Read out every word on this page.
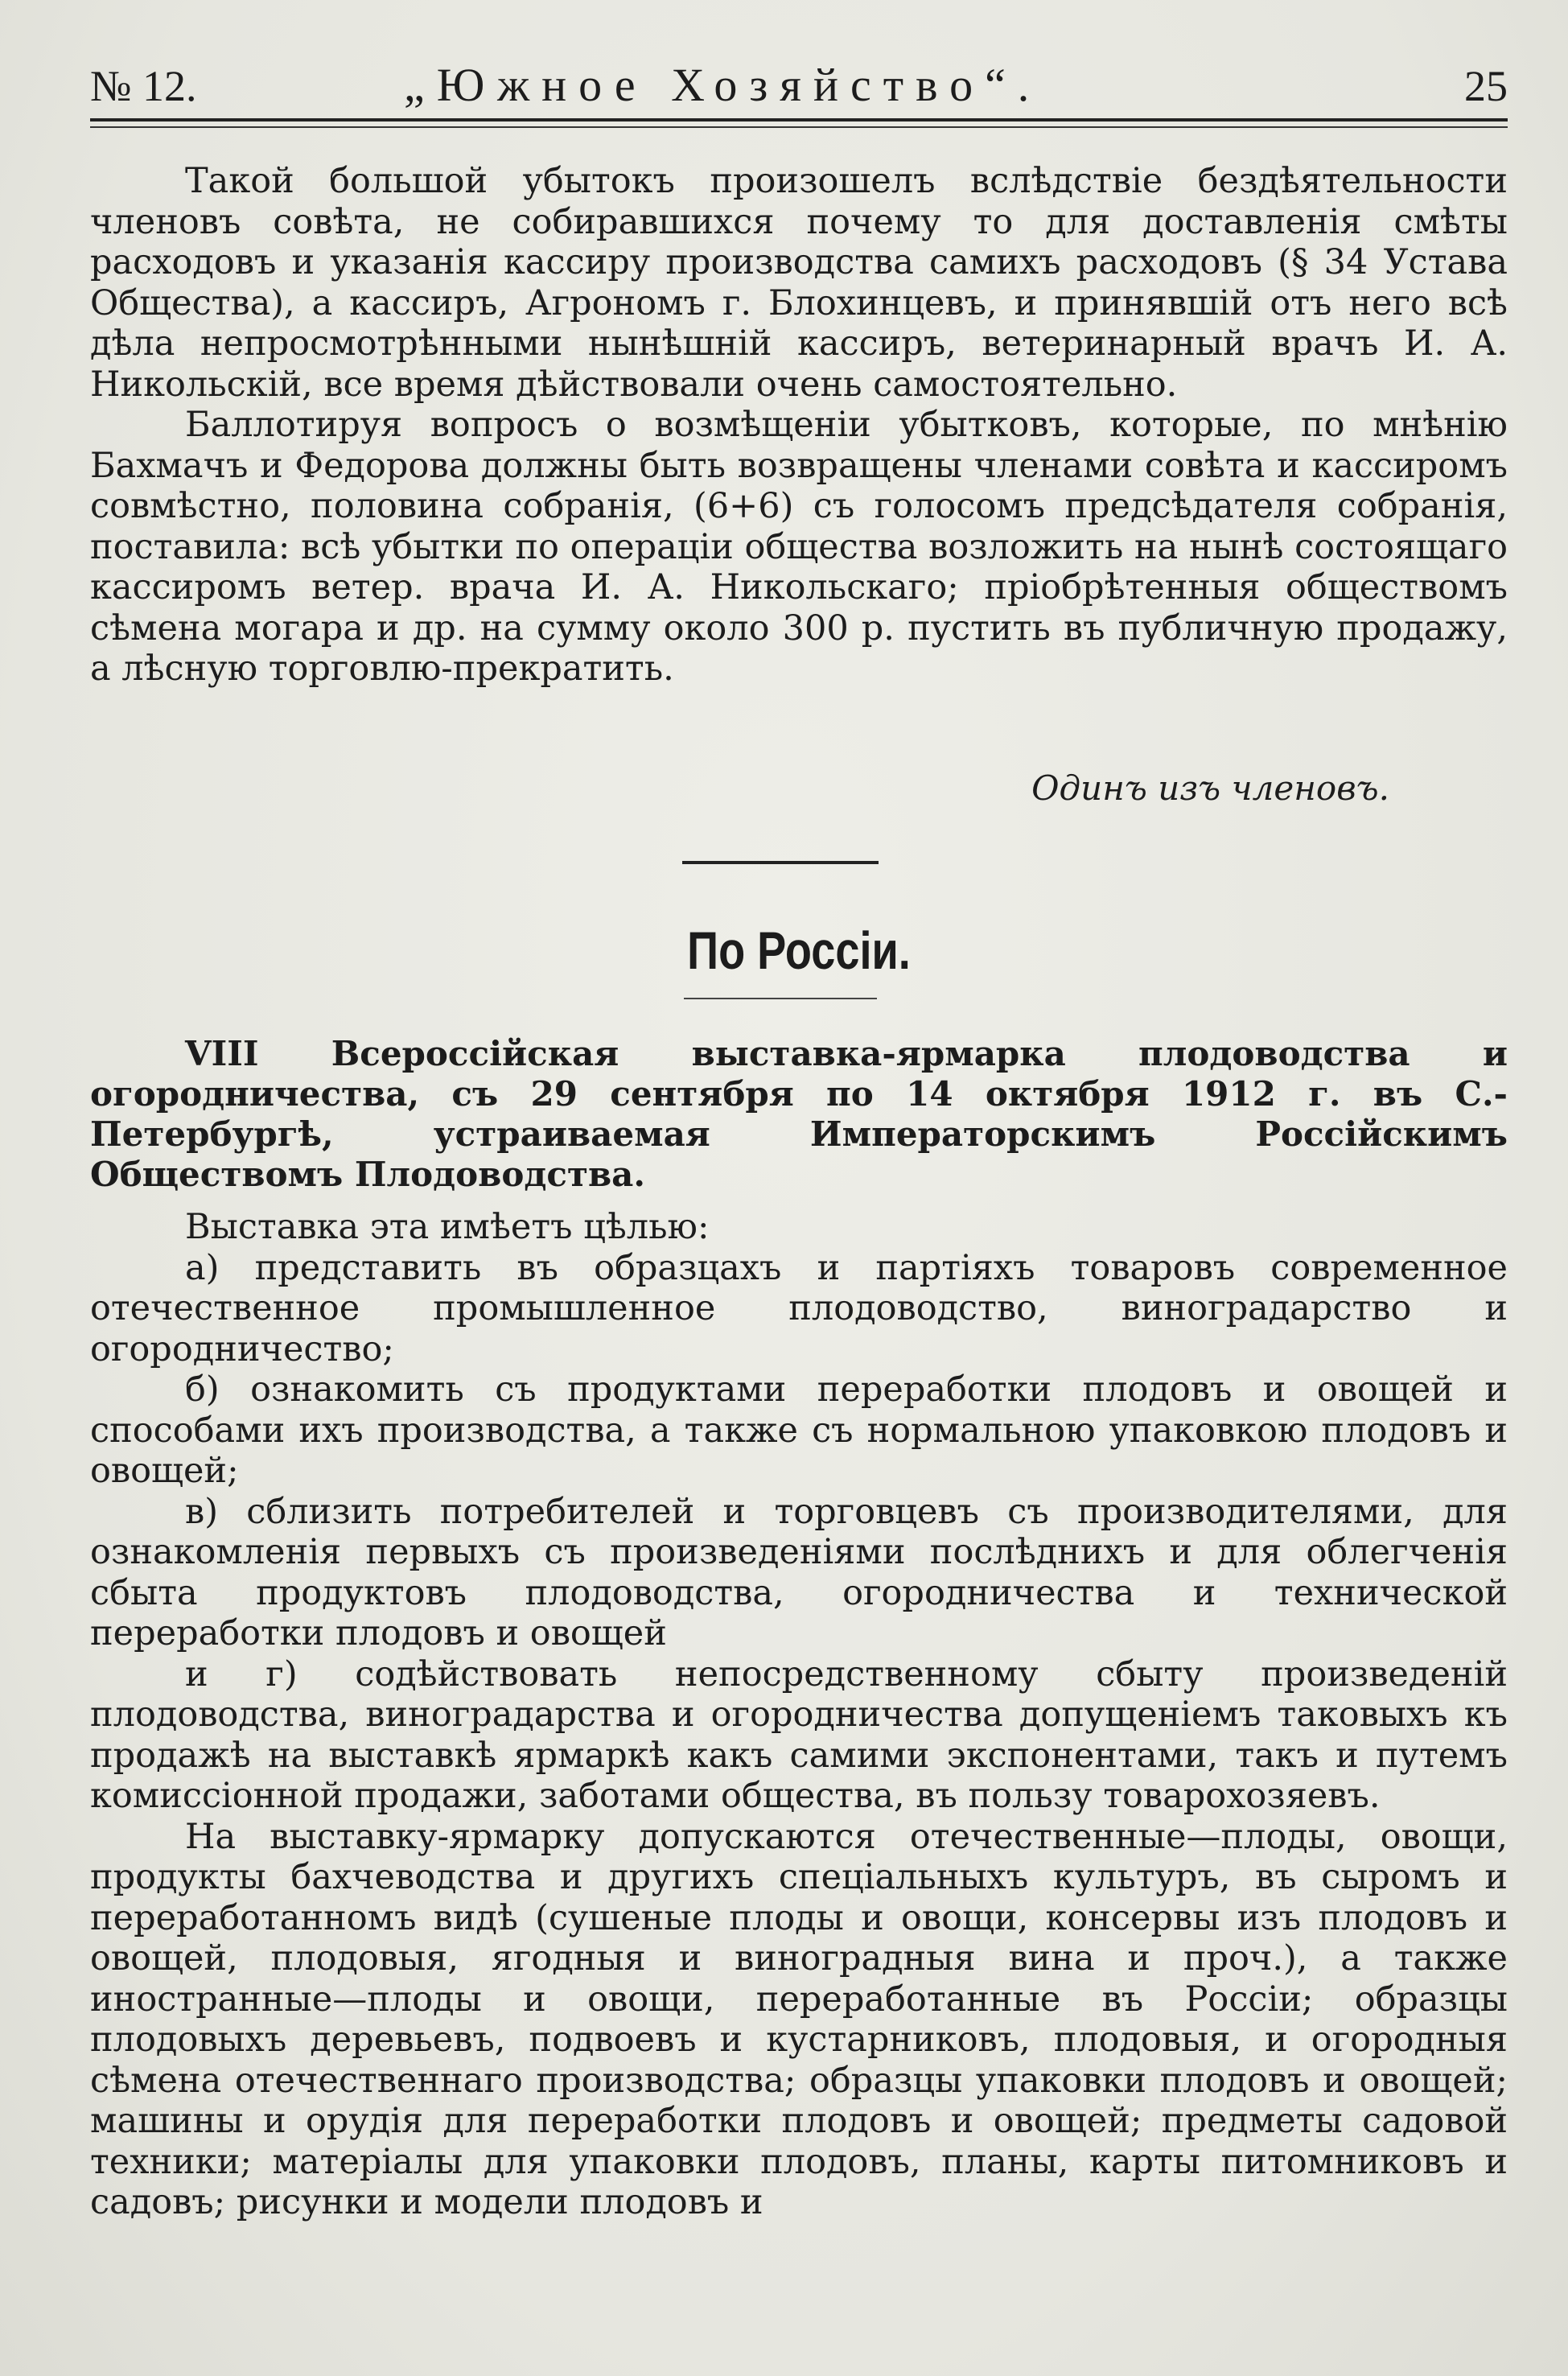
№ 12.	„Южное Хозяйство“.	25

Такой большой убытокъ произошелъ вслѣдствіе бездѣятельности членовъ совѣта, не собиравшихся почему то для доставленія смѣты расходовъ и указанія кассиру производства самихъ расходовъ (§ 34 Устава Общества), а кассиръ, Агрономъ г. Блохинцевъ, и принявшій отъ него всѣ дѣла непросмотрѣнными нынѣшній кассиръ, ветеринарный врачъ И. А. Никольскій, все время дѣйствовали очень самостоятельно.

Баллотируя вопросъ о возмѣщеніи убытковъ, которые, по мнѣнію Бахмачъ и Федорова должны быть возвращены членами совѣта и кассиромъ совмѣстно, половина собранія, (6+6) съ голосомъ предсѣдателя собранія, поставила: всѣ убытки по операціи общества возложить на нынѣ состоящаго кассиромъ ветер. врача И. А. Никольскаго; пріобрѣтенныя обществомъ сѣмена могара и др. на сумму около 300 р. пустить въ публичную продажу, а лѣсную торговлю-прекратить.

Одинъ изъ членовъ.
По Россіи.

VIII Всероссійская выставка-ярмарка плодоводства и огородничества, съ 29 сентября по 14 октября 1912 г. въ С.-Петербургѣ, устраиваемая Императорскимъ Россійскимъ Обществомъ Плодоводства.

Выставка эта имѣетъ цѣлью:

а) представить въ образцахъ и партіяхъ товаровъ современное отечественное промышленное плодоводство, виноградарство и огородничество;

б) ознакомить съ продуктами переработки плодовъ и овощей и способами ихъ производства, а также съ нормальною упаковкою плодовъ и овощей;

в) сблизить потребителей и торговцевъ съ производителями, для ознакомленія первыхъ съ произведеніями послѣднихъ и для облегченія сбыта продуктовъ плодоводства, огородничества и технической переработки плодовъ и овощей

и г) содѣйствовать непосредственному сбыту произведеній плодоводства, виноградарства и огородничества допущеніемъ таковыхъ къ продажѣ на выставкѣ ярмаркѣ какъ самими экспонентами, такъ и путемъ комиссіонной продажи, заботами общества, въ пользу товарохозяевъ.

На выставку-ярмарку допускаются отечественные—плоды, овощи, продукты бахчеводства и другихъ спеціальныхъ культуръ, въ сыромъ и переработанномъ видѣ (сушеные плоды и овощи, консервы изъ плодовъ и овощей, плодовыя, ягодныя и виноградныя вина и проч.), а также иностранные—плоды и овощи, переработанные въ Россіи; образцы плодовыхъ деревьевъ, подвоевъ и кустарниковъ, плодовыя, и огородныя сѣмена отечественнаго производства; образцы упаковки плодовъ и овощей; машины и орудія для переработки плодовъ и овощей; предметы садовой техники; матеріалы для упаковки плодовъ, планы, карты питомниковъ и садовъ; рисунки и модели плодовъ и
